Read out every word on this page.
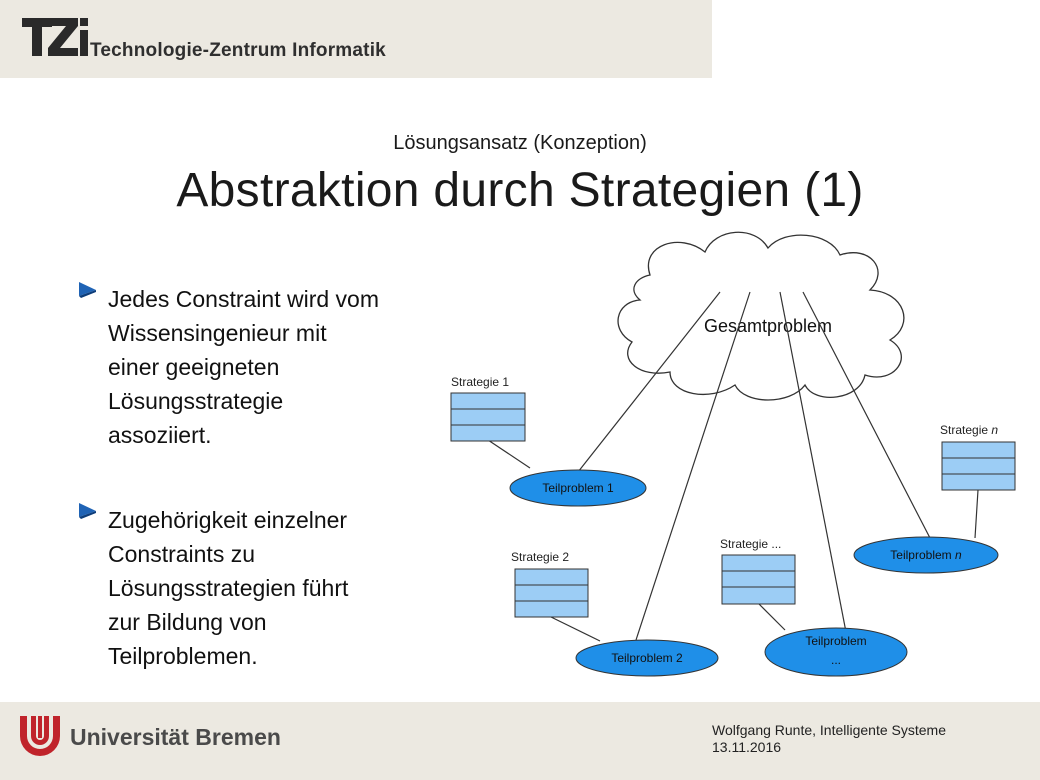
Technologie-Zentrum Informatik
Lösungsansatz (Konzeption)
Abstraktion durch Strategien (1)
Jedes Constraint wird vom
Wissensingenieur mit
einer geeigneten
Lösungsstrategie
assoziiert.
Zugehörigkeit einzelner
Constraints zu
Lösungsstrategien führt
zur Bildung von
Teilproblemen.
Gesamtproblem
Strategie 1
Strategie 2
Strategie ...
Strategie n
Teilproblem 1
Teilproblem 2
Teilproblem
...
Teilproblem n
Universität Bremen	Wolfgang Runte, Intelligente Systeme
13.11.2016
